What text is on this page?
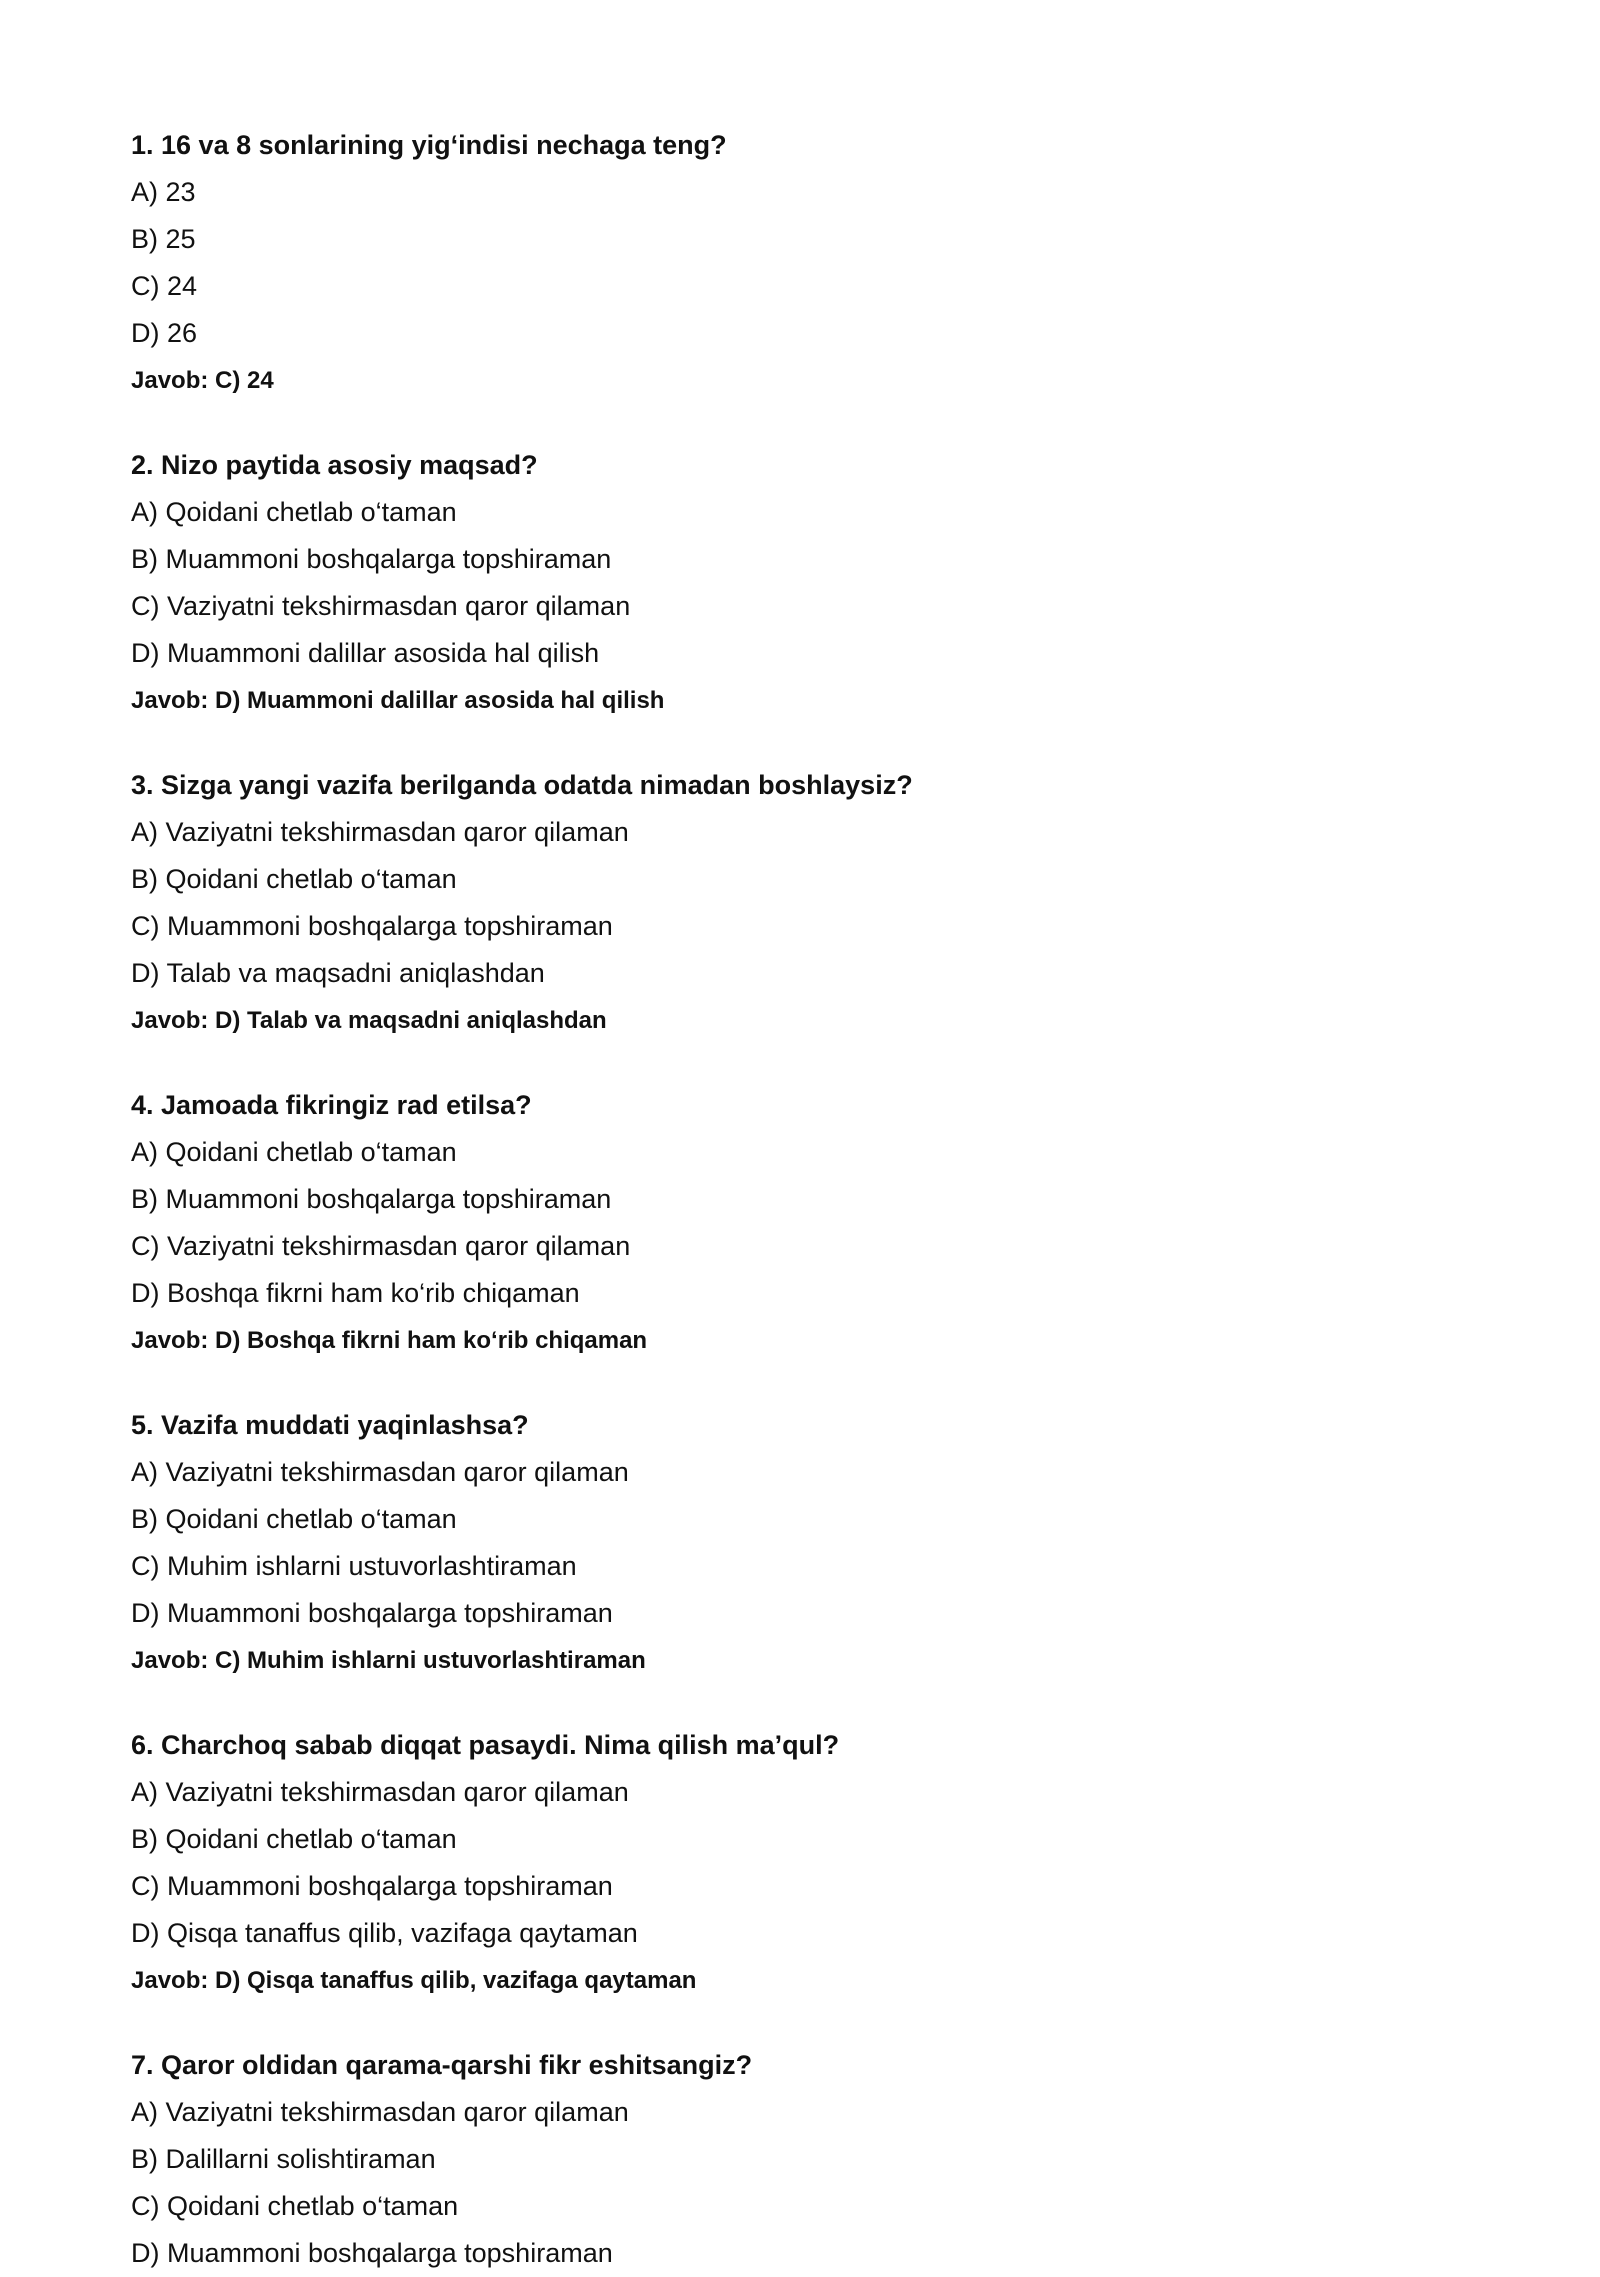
1. 16 va 8 sonlarining yig‘indisi nechaga teng?

A) 23

B) 25

C) 24

D) 26

Javob: C) 24

2. Nizo paytida asosiy maqsad?

A) Qoidani chetlab o‘taman

B) Muammoni boshqalarga topshiraman

C) Vaziyatni tekshirmasdan qaror qilaman

D) Muammoni dalillar asosida hal qilish

Javob: D) Muammoni dalillar asosida hal qilish

3. Sizga yangi vazifa berilganda odatda nimadan boshlaysiz?

A) Vaziyatni tekshirmasdan qaror qilaman

B) Qoidani chetlab o‘taman

C) Muammoni boshqalarga topshiraman

D) Talab va maqsadni aniqlashdan

Javob: D) Talab va maqsadni aniqlashdan

4. Jamoada fikringiz rad etilsa?

A) Qoidani chetlab o‘taman

B) Muammoni boshqalarga topshiraman

C) Vaziyatni tekshirmasdan qaror qilaman

D) Boshqa fikrni ham ko‘rib chiqaman

Javob: D) Boshqa fikrni ham ko‘rib chiqaman

5. Vazifa muddati yaqinlashsa?

A) Vaziyatni tekshirmasdan qaror qilaman

B) Qoidani chetlab o‘taman

C) Muhim ishlarni ustuvorlashtiraman

D) Muammoni boshqalarga topshiraman

Javob: C) Muhim ishlarni ustuvorlashtiraman

6. Charchoq sabab diqqat pasaydi. Nima qilish ma’qul?

A) Vaziyatni tekshirmasdan qaror qilaman

B) Qoidani chetlab o‘taman

C) Muammoni boshqalarga topshiraman

D) Qisqa tanaffus qilib, vazifaga qaytaman

Javob: D) Qisqa tanaffus qilib, vazifaga qaytaman

7. Qaror oldidan qarama-qarshi fikr eshitsangiz?

A) Vaziyatni tekshirmasdan qaror qilaman

B) Dalillarni solishtiraman

C) Qoidani chetlab o‘taman

D) Muammoni boshqalarga topshiraman
